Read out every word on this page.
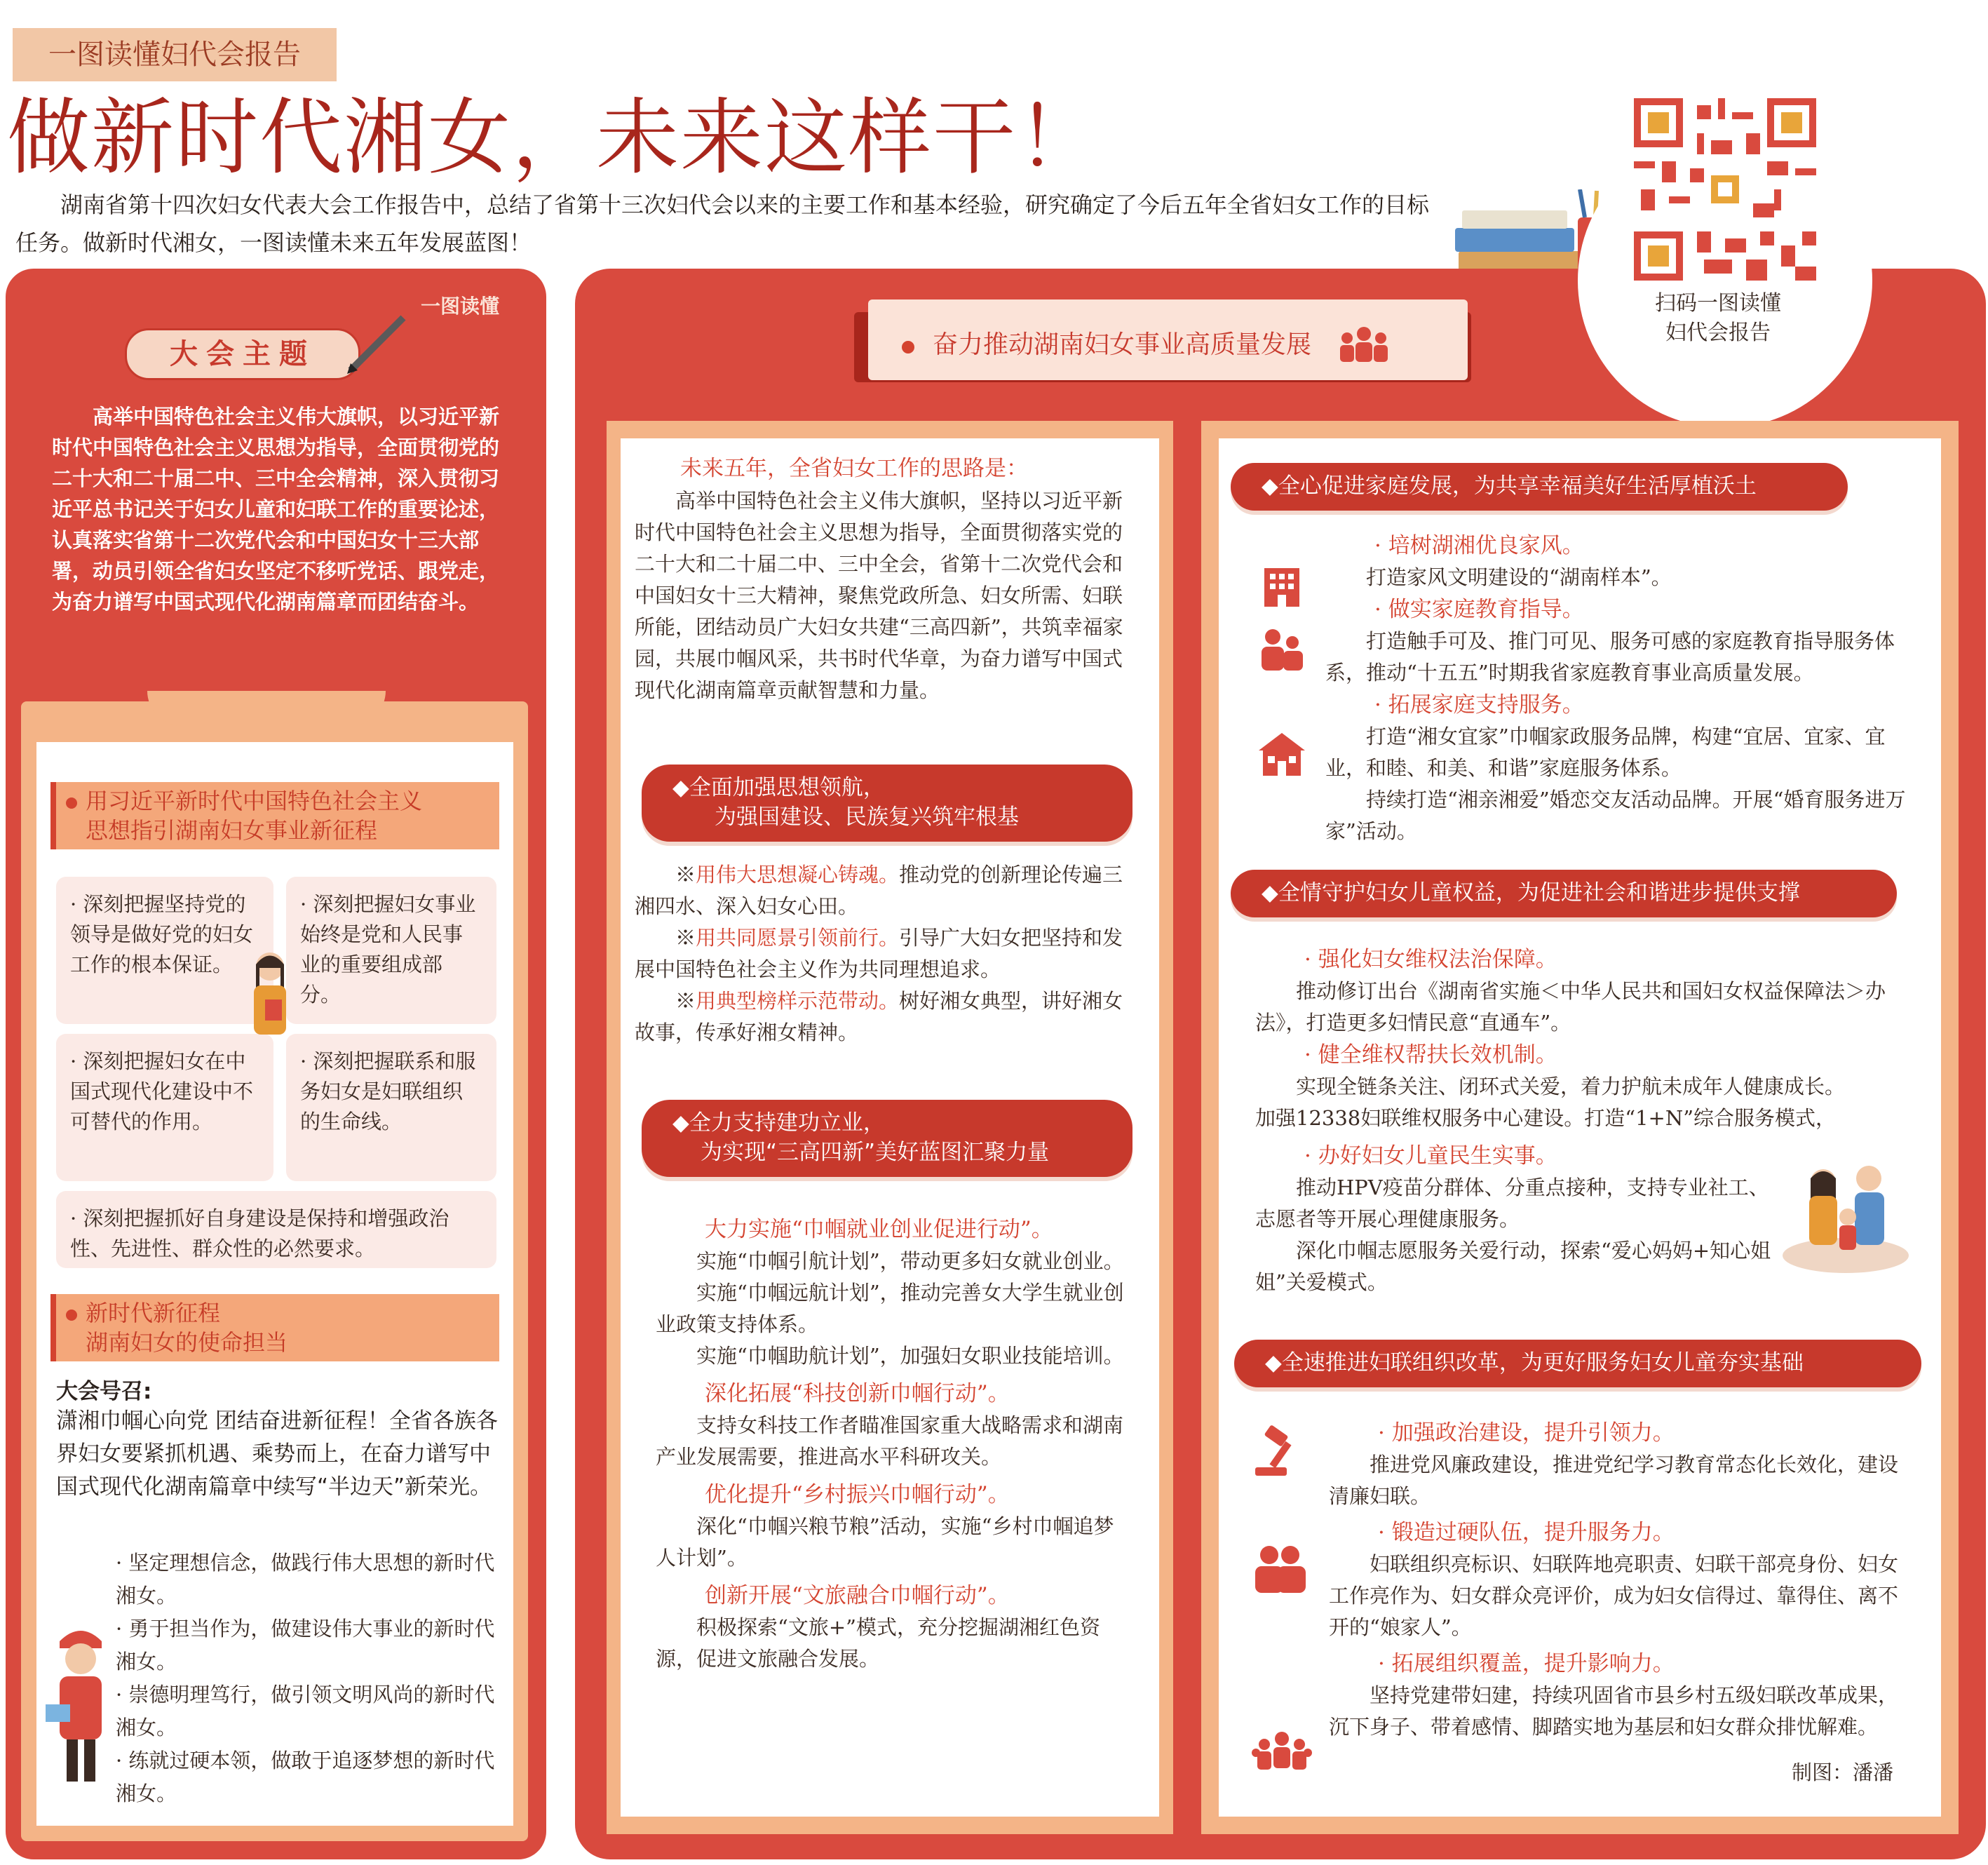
一图读懂妇代会报告
做新时代湘女，未来这样干！

湖南省第十四次妇女代表大会工作报告中，总结了省第十三次妇代会以来的主要工作和基本经验，研究确定了今后五年全省妇女工作的目标任务。做新时代湘女，一图读懂未来五年发展蓝图！

扫码一图读懂
妇代会报告
一图读懂
大会主题

高举中国特色社会主义伟大旗帜，以习近平新时代中国特色社会主义思想为指导，全面贯彻党的二十大和二十届二中、三中全会精神，深入贯彻习近平总书记关于妇女儿童和妇联工作的重要论述，认真落实省第十二次党代会和中国妇女十三大部署，动员引领全省妇女坚定不移听党话、跟党走，为奋力谱写中国式现代化湖南篇章而团结奋斗。

用习近平新时代中国特色社会主义
思想指引湖南妇女事业新征程
· 深刻把握坚持党的领导是做好党的妇女工作的根本保证。
· 深刻把握妇女事业始终是党和人民事业的重要组成部分。
· 深刻把握妇女在中国式现代化建设中不可替代的作用。
· 深刻把握联系和服务妇女是妇联组织的生命线。
· 深刻把握抓好自身建设是保持和增强政治性、先进性、群众性的必然要求。
新时代新征程
湖南妇女的使命担当
大会号召:

潇湘巾帼心向党 团结奋进新征程！全省各族各界妇女要紧抓机遇、乘势而上，在奋力谱写中国式现代化湖南篇章中续写“半边天”新荣光。

· 坚定理想信念，做践行伟大思想的新时代湘女。
· 勇于担当作为，做建设伟大事业的新时代湘女。
· 崇德明理笃行，做引领文明风尚的新时代湘女。
· 练就过硬本领，做敢于追逐梦想的新时代湘女。
奋力推动湖南妇女事业高质量发展

未来五年，全省妇女工作的思路是：

高举中国特色社会主义伟大旗帜，坚持以习近平新时代中国特色社会主义思想为指导，全面贯彻落实党的二十大和二十届二中、三中全会，省第十二次党代会和中国妇女十三大精神，聚焦党政所急、妇女所需、妇联所能，团结动员广大妇女共建“三高四新”，共筑幸福家园，共展巾帼风采，共书时代华章，为奋力谱写中国式现代化湖南篇章贡献智慧和力量。

◆全面加强思想领航，
为强国建设、民族复兴筑牢根基

※用伟大思想凝心铸魂。推动党的创新理论传遍三湘四水、深入妇女心田。

※用共同愿景引领前行。引导广大妇女把坚持和发展中国特色社会主义作为共同理想追求。

※用典型榜样示范带动。树好湘女典型，讲好湘女故事，传承好湘女精神。

◆全力支持建功立业，
为实现“三高四新”美好蓝图汇聚力量

大力实施“巾帼就业创业促进行动”。

实施“巾帼引航计划”，带动更多妇女就业创业。

实施“巾帼远航计划”，推动完善女大学生就业创业政策支持体系。

实施“巾帼助航计划”，加强妇女职业技能培训。

深化拓展“科技创新巾帼行动”。

支持女科技工作者瞄准国家重大战略需求和湖南产业发展需要，推进高水平科研攻关。

优化提升“乡村振兴巾帼行动”。

深化“巾帼兴粮节粮”活动，实施“乡村巾帼追梦人计划”。

创新开展“文旅融合巾帼行动”。

积极探索“文旅+”模式，充分挖掘湖湘红色资源，促进文旅融合发展。

◆全心促进家庭发展，为共享幸福美好生活厚植沃土

· 培树湖湘优良家风。

打造家风文明建设的“湖南样本”。

· 做实家庭教育指导。

打造触手可及、推门可见、服务可感的家庭教育指导服务体系，推动“十五五”时期我省家庭教育事业高质量发展。

· 拓展家庭支持服务。

打造“湘女宜家”巾帼家政服务品牌，构建“宜居、宜家、宜业，和睦、和美、和谐”家庭服务体系。

持续打造“湘亲湘爱”婚恋交友活动品牌。开展“婚育服务进万家”活动。

◆全情守护妇女儿童权益，为促进社会和谐进步提供支撑

· 强化妇女维权法治保障。

推动修订出台《湖南省实施＜中华人民共和国妇女权益保障法＞办法》，打造更多妇情民意“直通车”。

· 健全维权帮扶长效机制。

实现全链条关注、闭环式关爱，着力护航未成年人健康成长。

加强12338妇联维权服务中心建设。打造“1+N”综合服务模式，

· 办好妇女儿童民生实事。

推动HPV疫苗分群体、分重点接种，支持专业社工、志愿者等开展心理健康服务。

深化巾帼志愿服务关爱行动，探索“爱心妈妈+知心姐姐”关爱模式。

◆全速推进妇联组织改革，为更好服务妇女儿童夯实基础

· 加强政治建设，提升引领力。

推进党风廉政建设，推进党纪学习教育常态化长效化，建设清廉妇联。

· 锻造过硬队伍，提升服务力。

妇联组织亮标识、妇联阵地亮职责、妇联干部亮身份、妇女工作亮作为、妇女群众亮评价，成为妇女信得过、靠得住、离不开的“娘家人”。

· 拓展组织覆盖，提升影响力。

坚持党建带妇建，持续巩固省市县乡村五级妇联改革成果，沉下身子、带着感情、脚踏实地为基层和妇女群众排忧解难。

制图：潘潘
